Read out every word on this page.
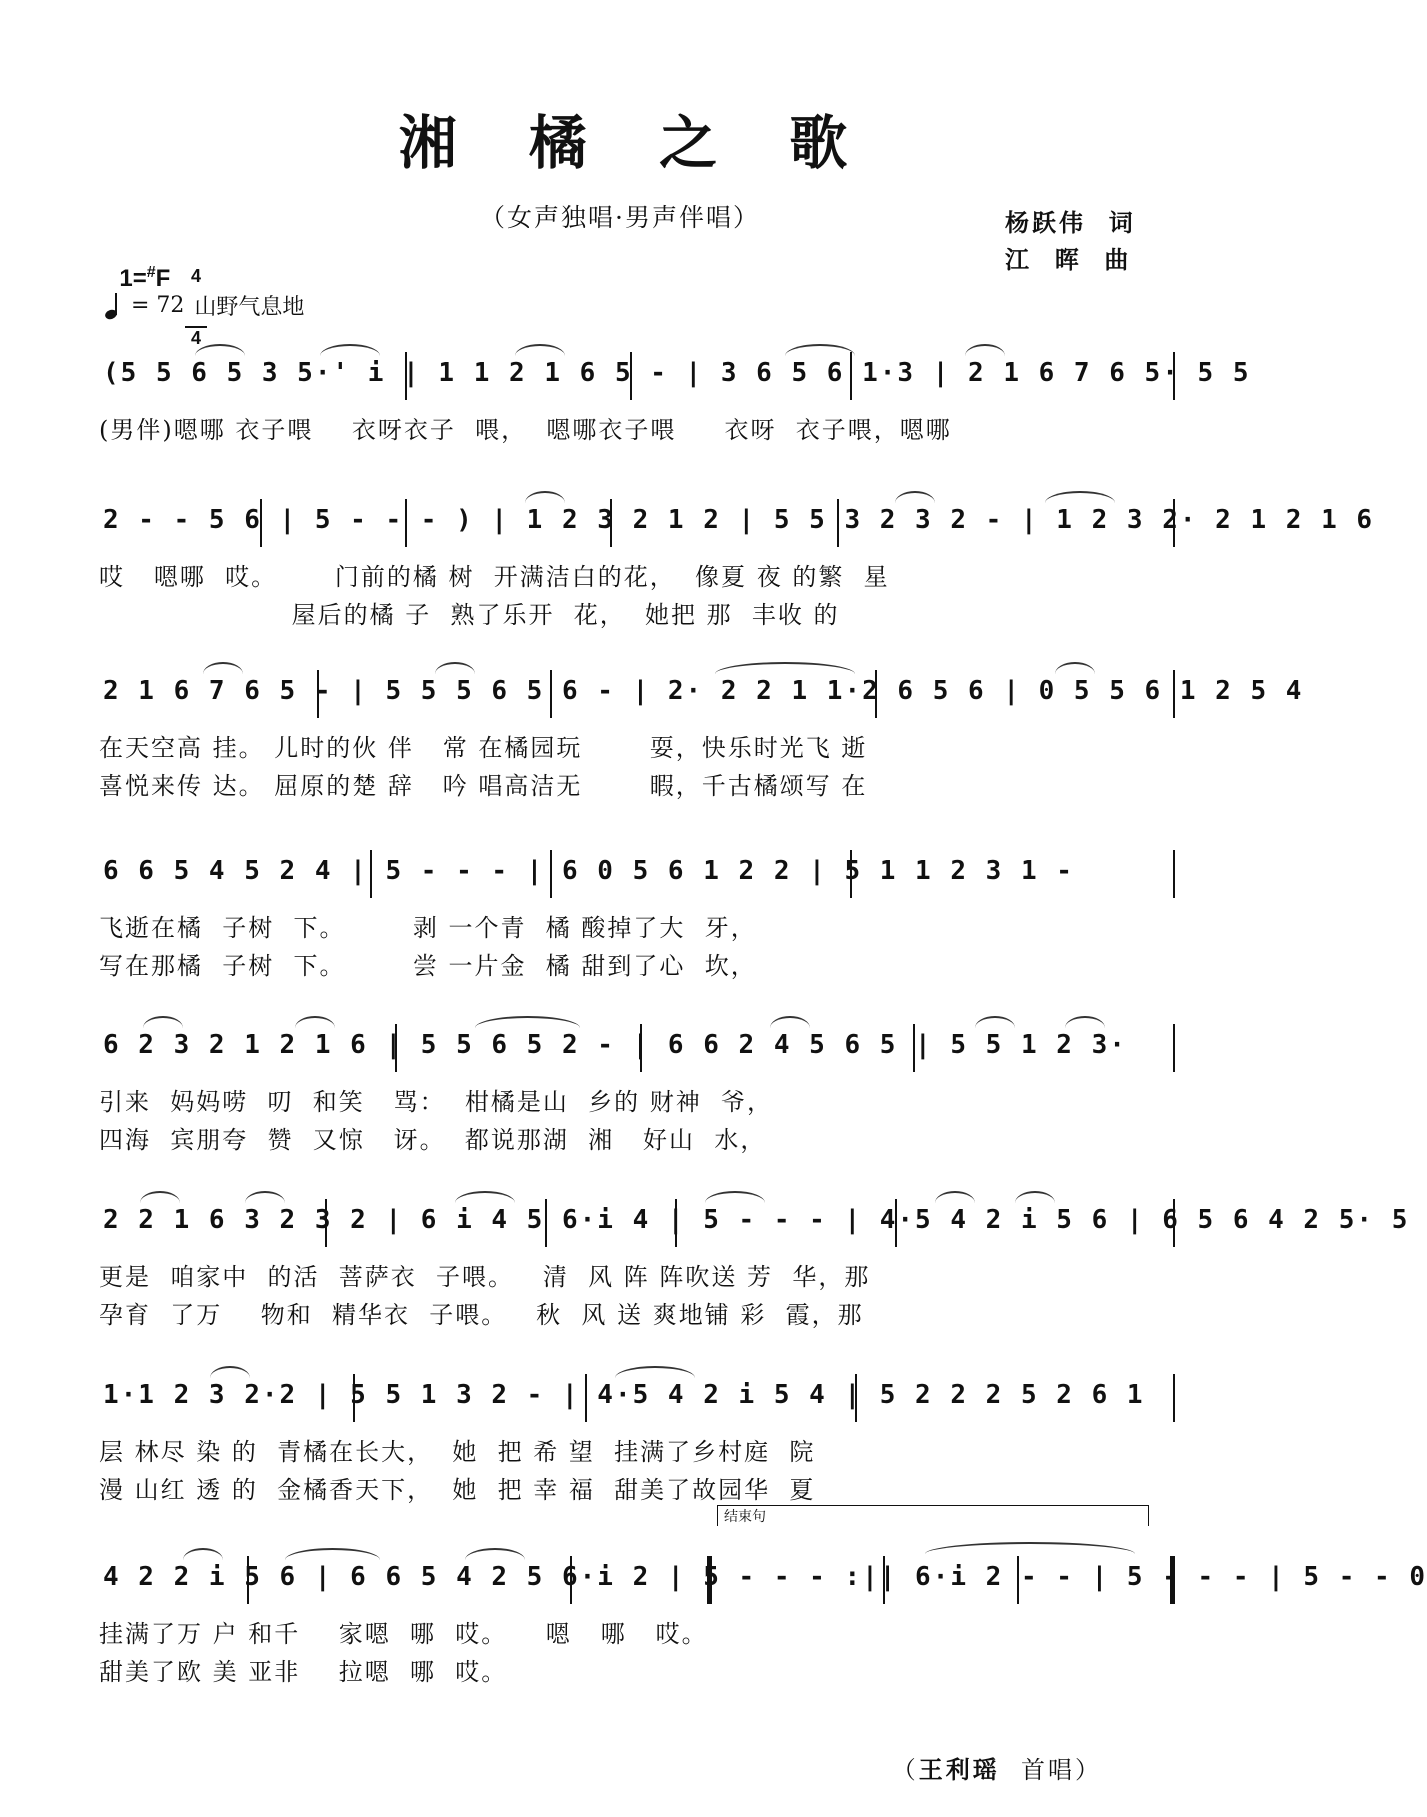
湘 橘 之 歌
（女声独唱·男声伴唱）	杨跃伟  词
江  晖  曲

1=#F

	4

4

= 72 山野气息地
(5 5 6 5 3 5·' i | 1 1 2 1 6 5 - | 3 6 5 6 1·3 | 2 1 6 7 6 5· 5 5
(男伴)嗯哪 衣子喂    衣呀衣子  喂，  嗯哪衣子喂     衣呀  衣子喂，嗯哪
2 - - 5 6 | 5 - - - ) | 1 2 3 2 1 2 | 5 5 3 2 3 2 - | 1 2 3 2· 2 1 2 1 6
哎   嗯哪  哎。      门前的橘 树  开满洁白的花，  像夏 夜 的繁  星
屋后的橘 子  熟了乐开  花，  她把 那  丰收 的
2 1 6 7 6 5 - | 5 5 5 6 5 6 - | 2· 2 2 1 1·2 6 5 6 | 0 5 5 6 1 2 5 4
在天空高 挂。 儿时的伙 伴   常 在橘园玩       耍，快乐时光飞 逝
喜悦来传 达。 屈原的楚 辞   吟 唱高洁无       暇，千古橘颂写 在
6 6 5 4 5 2 4 | 5 - - - | 6 0 5 6 1 2 2 | 5 1 1 2 3 1 -
飞逝在橘  子树  下。       剥 一个青  橘 酸掉了大  牙，
写在那橘  子树  下。       尝 一片金  橘 甜到了心  坎，
6 2 3 2 1 2 1 6 | 5 5 6 5 2 - | 6 6 2 4 5 6 5 | 5 5 1 2 3·
引来  妈妈唠  叨  和笑   骂：  柑橘是山  乡的 财神  爷，
四海  宾朋夸  赞  又惊   讶。  都说那湖  湘   好山  水，
2 2 1 6 3 2 3 2 | 6 i 4 5 6·i 4 | 5 - - - | 4·5 4 2 i 5 6 | 6 5 6 4 2 5· 5
更是  咱家中  的活  菩萨衣  子喂。   清  风 阵 阵吹送 芳  华，那
孕育  了万    物和  精华衣  子喂。   秋  风 送 爽地铺 彩  霞，那
1·1 2 3 2·2 | 5 5 1 3 2 - | 4·5 4 2 i 5 4 | 5 2 2 2 5 2 6 1
层 林尽 染 的  青橘在长大，  她  把 希 望  挂满了乡村庭  院
漫 山红 透 的  金橘香天下，  她  把 幸 福  甜美了故园华  夏
结束句
4 2 2 i 5 6 | 6 6 5 4 2 5 6·i 2 | 5 - - - :|| 6·i 2 - - | 5 - - - | 5 - - 0
挂满了万 户 和千    家嗯  哪  哎。    嗯   哪   哎。
甜美了欧 美 亚非    拉嗯  哪  哎。

（王利瑶 首唱）
